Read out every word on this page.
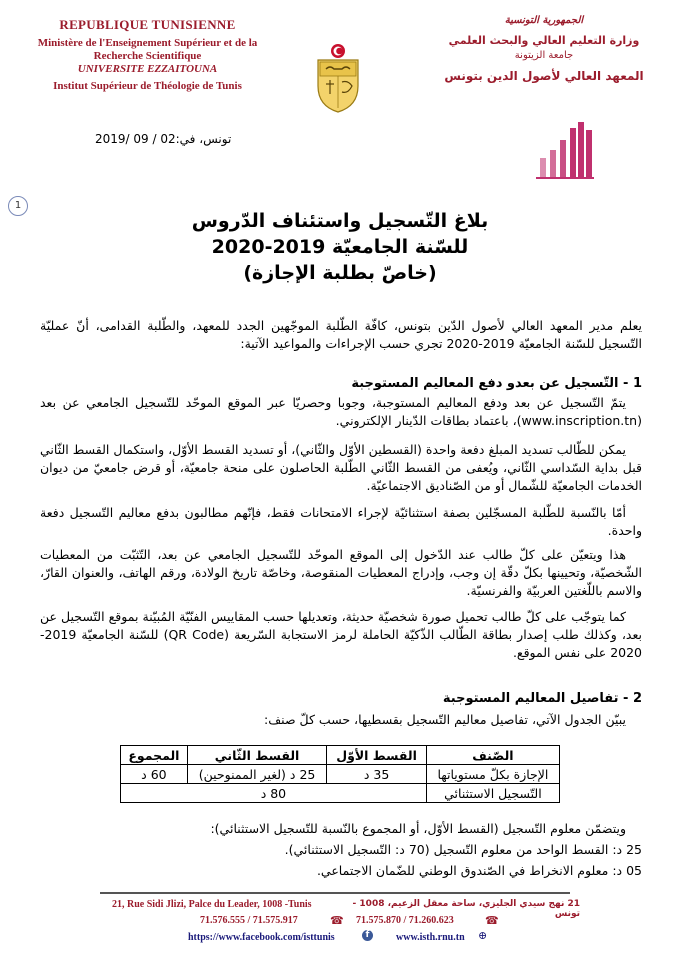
REPUBLIQUE TUNISIENNE
Ministère de l'Enseignement Supérieur et de la
Recherche Scientifique
UNIVERSITE EZZAITOUNA
Institut Supérieur de Théologie de Tunis
الجمهورية التونسية
وزارة التعليم العالي والبحث العلمي
جامعة الزيتونة
المعهد العالي لأصول الدين بتونس
تونس، في:02 / 09 /2019
1
بلاغ التّسجيل واستئناف الدّروس
للسّنة الجامعيّة 2019-2020
(خاصّ بطلبة الإجازة)
يعلم مدير المعهد العالي لأصول الدّين بتونس، كافّة الطّلبة الموجّهين الجدد للمعهد، والطّلبة القدامى، أنّ عمليّة التّسجيل للسّنة الجامعيّة 2019-2020 تجري حسب الإجراءات والمواعيد الآتية:
1 - التّسجيل عن بعدو دفع المعاليم المستوجبة
يتمّ التّسجيل عن بعد ودفع المعاليم المستوجبة، وجوبا وحصريّا عبر الموقع الموحّد للتّسجيل الجامعي عن بعد (www.inscription.tn)، باعتماد بطاقات الدّينار الإلكتروني.
يمكن للطّالب تسديد المبلغ دفعة واحدة (القسطين الأوّل والثّاني)، أو تسديد القسط الأوّل، واستكمال القسط الثّاني قبل بداية السّداسي الثّاني، ويُعفى من القسط الثّاني الطّلبة الحاصلون على منحة جامعيّة، أو قرض جامعيّ من ديوان الخدمات الجامعيّة للشّمال أو من الصّناديق الاجتماعيّة.
أمّا بالنّسبة للطّلبة المسجّلين بصفة استثنائيّة لإجراء الامتحانات فقط، فإنّهم مطالبون بدفع معاليم التّسجيل دفعة واحدة.
هذا ويتعيّن على كلّ طالب عند الدّخول إلى الموقع الموحّد للتّسجيل الجامعي عن بعد، التّثبّت من المعطيات الشّخصيّة، وتحيينها بكلّ دقّة إن وجب، وإدراج المعطيات المنقوصة، وخاصّة تاريخ الولادة، ورقم الهاتف، والعنوان القارّ، والاسم باللّغتين العربيّة والفرنسيّة.
كما يتوجّب على كلّ طالب تحميل صورة شخصيّة حديثة، وتعديلها حسب المقاييس الفنّيّة المُبيّنة بموقع التّسجيل عن بعد، وكذلك طلب إصدار بطاقة الطّالب الذّكيّة الحاملة لرمز الاستجابة السّريعة (QR Code) للسّنة الجامعيّة 2019-2020 على نفس الموقع.
2 - تفاصيل المعاليم المستوجبة
يبيّن الجدول الآتي، تفاصيل معاليم التّسجيل بقسطيها، حسب كلّ صنف:
الصّنف	القسط الأوّل	القسط الثّاني	المجموع
الإجازة بكلّ مستوياتها	35 د	25 د (لغير الممنوحين)	60 د
التّسجيل الاستثنائي	80 د		
ويتضمّن معلوم التّسجيل (القسط الأوّل، أو المجموع بالنّسبة للتّسجيل الاستثنائي):
25 د: القسط الواحد من معلوم التّسجيل (70 د: التّسجيل الاستثنائي).
05 د: معلوم الانخراط في الصّندوق الوطني للضّمان الاجتماعي.
21, Rue Sidi Jlizi, Palce du Leader, 1008 -Tunis	21 نهج سيدي الجليزي، ساحة معقل الزعيم، 1008 - تونس
71.576.555 / 71.575.917	☎ 71.575.870 / 71.260.623	☎
https://www.facebook.com/isttunis	f	www.isth.rnu.tn ⊕
